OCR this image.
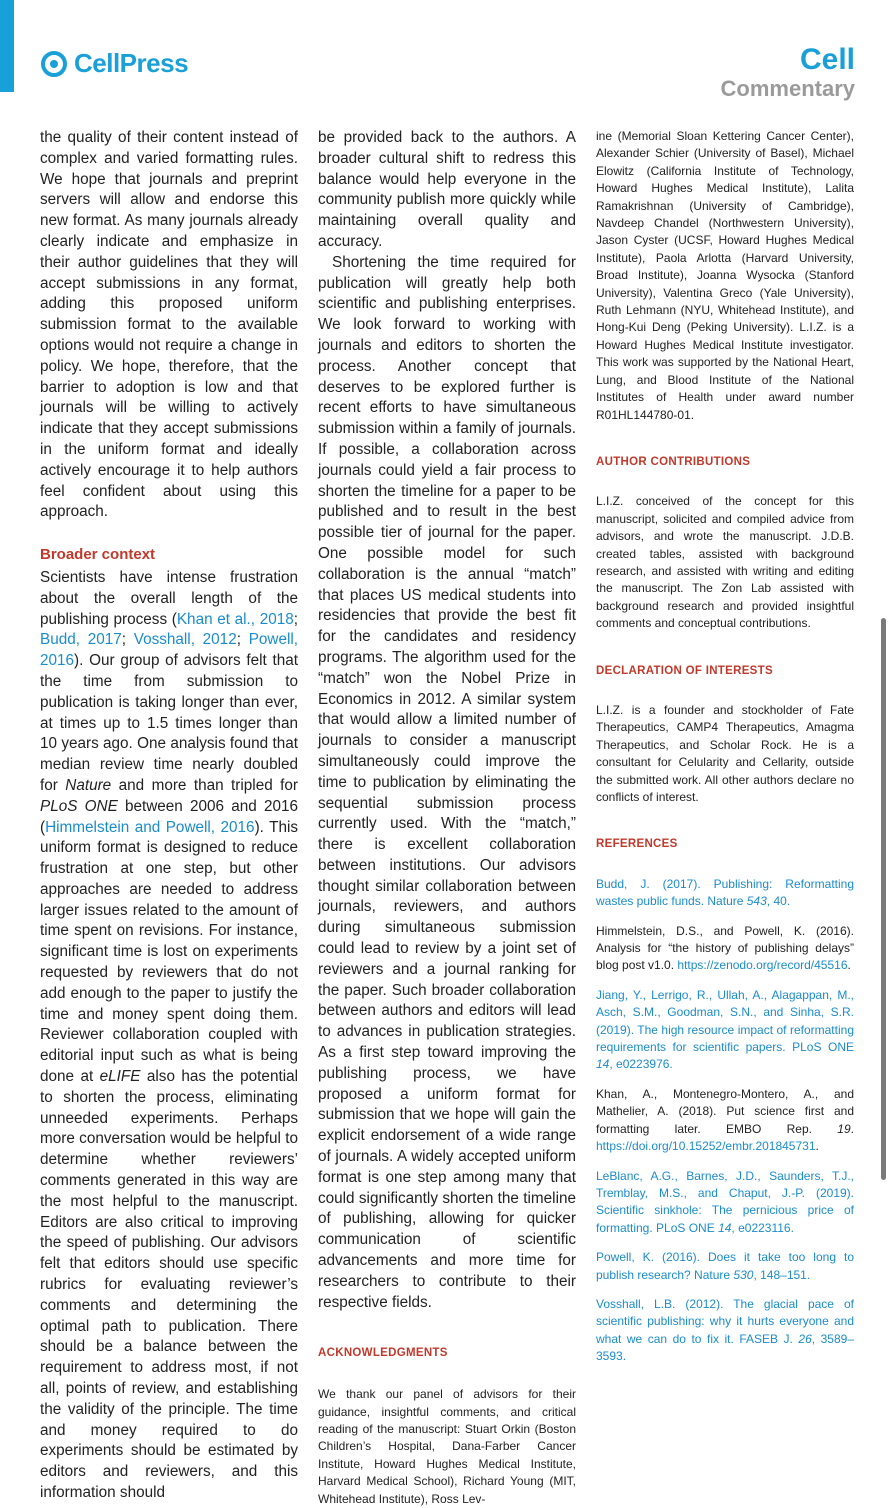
CellPress	Cell
Commentary

the quality of their content instead of complex and varied formatting rules. We hope that journals and preprint servers will allow and endorse this new format. As many journals already clearly indicate and emphasize in their author guidelines that they will accept submissions in any format, adding this proposed uniform submission format to the available options would not require a change in policy. We hope, therefore, that the barrier to adoption is low and that journals will be willing to actively indicate that they accept submissions in the uniform format and ideally actively encourage it to help authors feel confident about using this approach.

Broader context

Scientists have intense frustration about the overall length of the publishing process (Khan et al., 2018; Budd, 2017; Vosshall, 2012; Powell, 2016). Our group of advisors felt that the time from submission to publication is taking longer than ever, at times up to 1.5 times longer than 10 years ago. One analysis found that median review time nearly doubled for Nature and more than tripled for PLoS ONE between 2006 and 2016 (Himmelstein and Powell, 2016). This uniform format is designed to reduce frustration at one step, but other approaches are needed to address larger issues related to the amount of time spent on revisions. For instance, significant time is lost on experiments requested by reviewers that do not add enough to the paper to justify the time and money spent doing them. Reviewer collaboration coupled with editorial input such as what is being done at eLIFE also has the potential to shorten the process, eliminating unneeded experiments. Perhaps more conversation would be helpful to determine whether reviewers’ comments generated in this way are the most helpful to the manuscript. Editors are also critical to improving the speed of publishing. Our advisors felt that editors should use specific rubrics for evaluating reviewer’s comments and determining the optimal path to publication. There should be a balance between the requirement to address most, if not all, points of review, and establishing the validity of the principle. The time and money required to do experiments should be estimated by editors and reviewers, and this information should

be provided back to the authors. A broader cultural shift to redress this balance would help everyone in the community publish more quickly while maintaining overall quality and accuracy.

Shortening the time required for publication will greatly help both scientific and publishing enterprises. We look forward to working with journals and editors to shorten the process. Another concept that deserves to be explored further is recent efforts to have simultaneous submission within a family of journals. If possible, a collaboration across journals could yield a fair process to shorten the timeline for a paper to be published and to result in the best possible tier of journal for the paper. One possible model for such collaboration is the annual “match” that places US medical students into residencies that provide the best fit for the candidates and residency programs. The algorithm used for the “match” won the Nobel Prize in Economics in 2012. A similar system that would allow a limited number of journals to consider a manuscript simultaneously could improve the time to publication by eliminating the sequential submission process currently used. With the “match,” there is excellent collaboration between institutions. Our advisors thought similar collaboration between journals, reviewers, and authors during simultaneous submission could lead to review by a joint set of reviewers and a journal ranking for the paper. Such broader collaboration between authors and editors will lead to advances in publication strategies. As a first step toward improving the publishing process, we have proposed a uniform format for submission that we hope will gain the explicit endorsement of a wide range of journals. A widely accepted uniform format is one step among many that could significantly shorten the timeline of publishing, allowing for quicker communication of scientific advancements and more time for researchers to contribute to their respective fields.

ACKNOWLEDGMENTS

We thank our panel of advisors for their guidance, insightful comments, and critical reading of the manuscript: Stuart Orkin (Boston Children’s Hospital, Dana-Farber Cancer Institute, Howard Hughes Medical Institute, Harvard Medical School), Richard Young (MIT, Whitehead Institute), Ross Lev-

ine (Memorial Sloan Kettering Cancer Center), Alexander Schier (University of Basel), Michael Elowitz (California Institute of Technology, Howard Hughes Medical Institute), Lalita Ramakrishnan (University of Cambridge), Navdeep Chandel (Northwestern University), Jason Cyster (UCSF, Howard Hughes Medical Institute), Paola Arlotta (Harvard University, Broad Institute), Joanna Wysocka (Stanford University), Valentina Greco (Yale University), Ruth Lehmann (NYU, Whitehead Institute), and Hong-Kui Deng (Peking University). L.I.Z. is a Howard Hughes Medical Institute investigator. This work was supported by the National Heart, Lung, and Blood Institute of the National Institutes of Health under award number R01HL144780-01.

AUTHOR CONTRIBUTIONS

L.I.Z. conceived of the concept for this manuscript, solicited and compiled advice from advisors, and wrote the manuscript. J.D.B. created tables, assisted with background research, and assisted with writing and editing the manuscript. The Zon Lab assisted with background research and provided insightful comments and conceptual contributions.

DECLARATION OF INTERESTS

L.I.Z. is a founder and stockholder of Fate Therapeutics, CAMP4 Therapeutics, Amagma Therapeutics, and Scholar Rock. He is a consultant for Celularity and Cellarity, outside the submitted work. All other authors declare no conflicts of interest.

REFERENCES

Budd, J. (2017). Publishing: Reformatting wastes public funds. Nature 543, 40.

Himmelstein, D.S., and Powell, K. (2016). Analysis for “the history of publishing delays” blog post v1.0. https://zenodo.org/record/45516.

Jiang, Y., Lerrigo, R., Ullah, A., Alagappan, M., Asch, S.M., Goodman, S.N., and Sinha, S.R. (2019). The high resource impact of reformatting requirements for scientific papers. PLoS ONE 14, e0223976.

Khan, A., Montenegro-Montero, A., and Mathelier, A. (2018). Put science first and formatting later. EMBO Rep. 19. https://doi.org/10.15252/embr.201845731.

LeBlanc, A.G., Barnes, J.D., Saunders, T.J., Tremblay, M.S., and Chaput, J.-P. (2019). Scientific sinkhole: The pernicious price of formatting. PLoS ONE 14, e0223116.

Powell, K. (2016). Does it take too long to publish research? Nature 530, 148–151.

Vosshall, L.B. (2012). The glacial pace of scientific publishing: why it hurts everyone and what we can do to fix it. FASEB J. 26, 3589–3593.
